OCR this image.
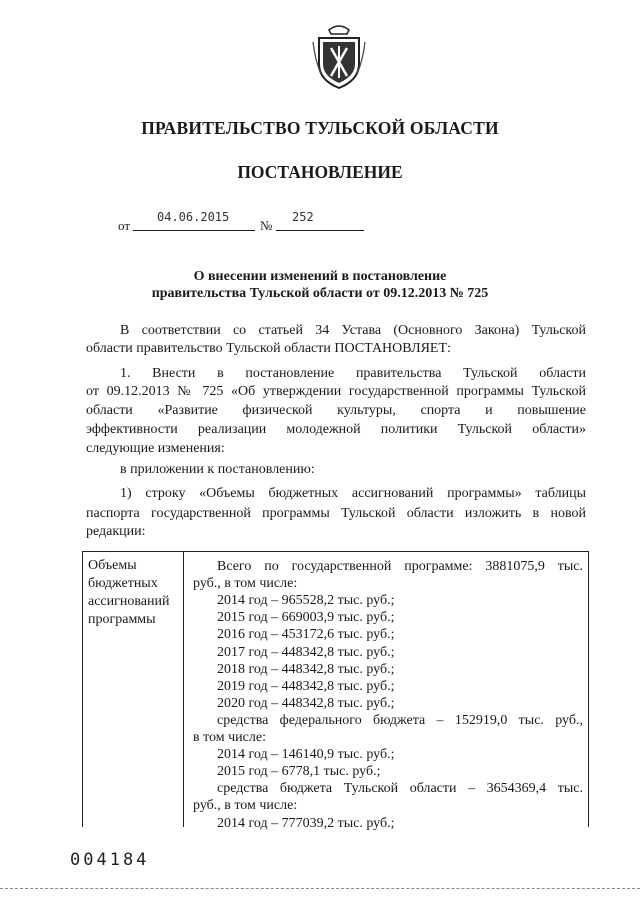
ПРАВИТЕЛЬСТВО ТУЛЬСКОЙ ОБЛАСТИ
ПОСТАНОВЛЕНИЕ
от
04.06.2015
№
252
О внесении изменений в постановление
правительства Тульской области от 09.12.2013 № 725
В соответствии со статьей 34 Устава (Основного Закона) Тульской
области правительство Тульской области ПОСТАНОВЛЯЕТ:
1. Внести в постановление правительства Тульской области
от 09.12.2013 № 725 «Об утверждении государственной программы Тульской
области «Развитие физической культуры, спорта и повышение
эффективности реализации молодежной политики Тульской области»
следующие изменения:
в приложении к постановлению:
1) строку «Объемы бюджетных ассигнований программы» таблицы
паспорта государственной программы Тульской области изложить в новой
редакции:
Объемы
бюджетных
ассигнований
программы
Всего по государственной программе: 3881075,9 тыс.
руб., в том числе:
2014 год – 965528,2 тыс. руб.;
2015 год – 669003,9 тыс. руб.;
2016 год – 453172,6 тыс. руб.;
2017 год – 448342,8 тыс. руб.;
2018 год – 448342,8 тыс. руб.;
2019 год – 448342,8 тыс. руб.;
2020 год – 448342,8 тыс. руб.;
средства федерального бюджета – 152919,0 тыс. руб.,
в том числе:
2014 год – 146140,9 тыс. руб.;
2015 год – 6778,1 тыс. руб.;
средства бюджета Тульской области – 3654369,4 тыс.
руб., в том числе:
2014 год – 777039,2 тыс. руб.;
004184
